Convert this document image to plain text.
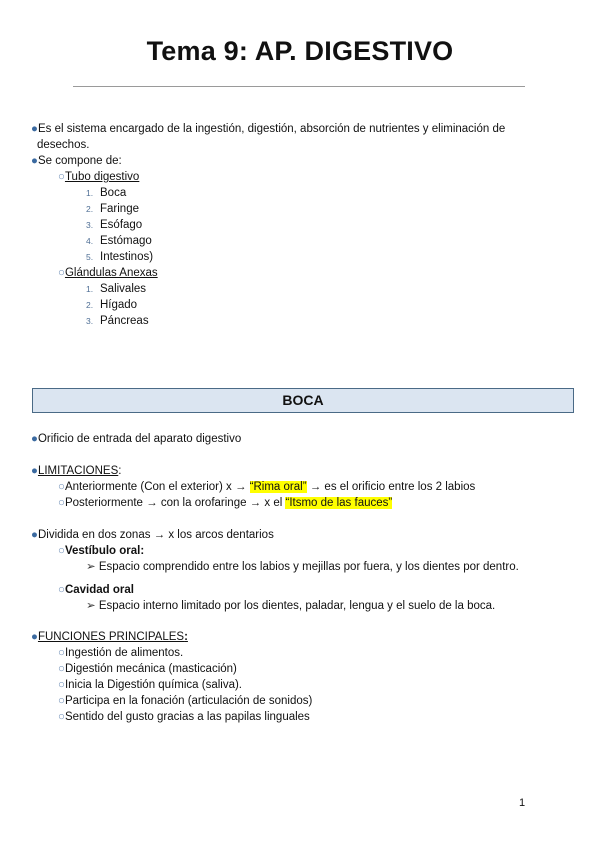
Tema 9: AP. DIGESTIVO
●Es el sistema encargado de la ingestión, digestión, absorción de nutrientes y eliminación de
desechos.
●Se compone de:
○Tubo digestivo
1. Boca
2. Faringe
3. Esófago
4. Estómago
5. Intestinos)
○Glándulas Anexas
1. Salivales
2. Hígado
3. Páncreas
BOCA
●Orificio de entrada del aparato digestivo
●LIMITACIONES:
○Anteriormente (Con el exterior) x → “Rima oral” → es el orificio entre los 2 labios
○Posteriormente → con la orofaringe → x el “Itsmo de las fauces”
●Dividida en dos zonas → x los arcos dentarios
○Vestíbulo oral:
➢ Espacio comprendido entre los labios y mejillas por fuera, y los dientes por dentro.
○Cavidad oral
➢ Espacio interno limitado por los dientes, paladar, lengua y el suelo de la boca.
●FUNCIONES PRINCIPALES:
○Ingestión de alimentos.
○Digestión mecánica (masticación)
○Inicia la Digestión química (saliva).
○Participa en la fonación (articulación de sonidos)
○Sentido del gusto gracias a las papilas linguales
1
